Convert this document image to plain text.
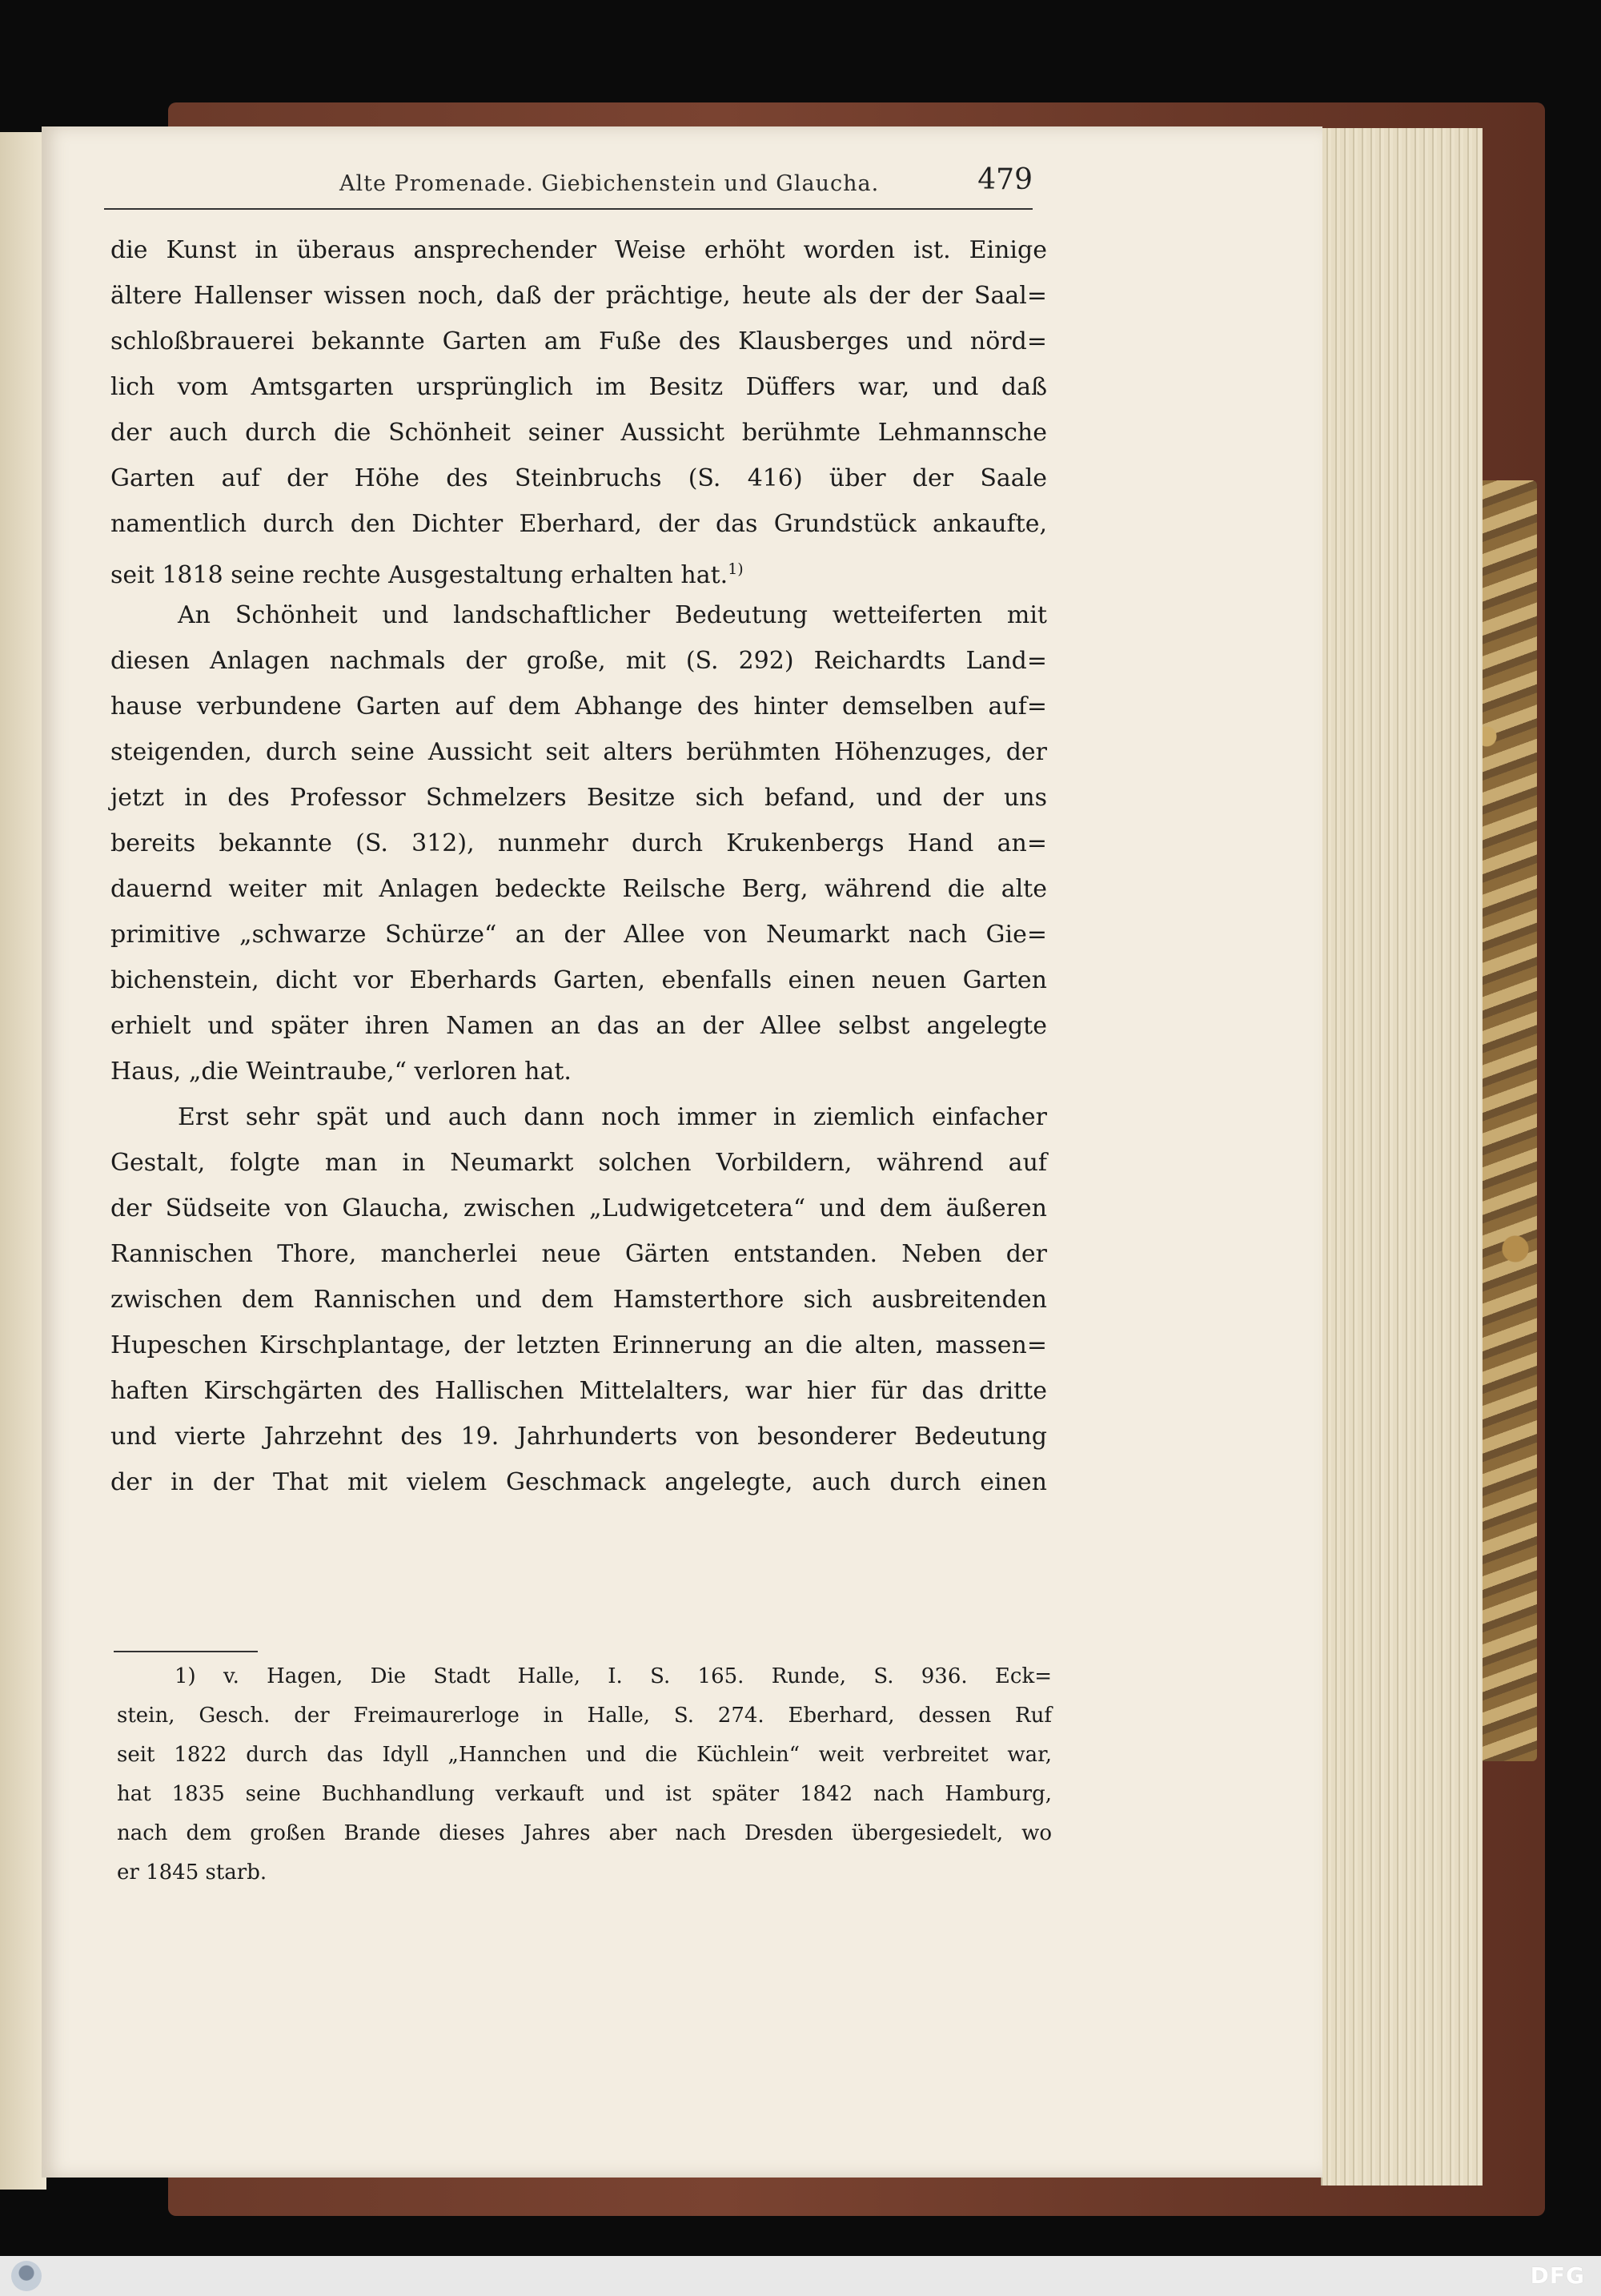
Alte Promenade. Giebichenstein und Glaucha.	479
die Kunst in überaus ansprechender Weise erhöht worden ist. Einige
ältere Hallenser wissen noch, daß der prächtige, heute als der der Saal=
schloßbrauerei bekannte Garten am Fuße des Klausberges und nörd=
lich vom Amtsgarten ursprünglich im Besitz Düffers war, und daß
der auch durch die Schönheit seiner Aussicht berühmte Lehmannsche
Garten auf der Höhe des Steinbruchs (S. 416) über der Saale
namentlich durch den Dichter Eberhard, der das Grundstück ankaufte,
seit 1818 seine rechte Ausgestaltung erhalten hat.$^{1)}$
An Schönheit und landschaftlicher Bedeutung wetteiferten mit
diesen Anlagen nachmals der große, mit (S. 292) Reichardts Land=
hause verbundene Garten auf dem Abhange des hinter demselben auf=
steigenden, durch seine Aussicht seit alters berühmten Höhenzuges, der
jetzt in des Professor Schmelzers Besitze sich befand, und der uns
bereits bekannte (S. 312), nunmehr durch Krukenbergs Hand an=
dauernd weiter mit Anlagen bedeckte Reilsche Berg, während die alte
primitive „schwarze Schürze“ an der Allee von Neumarkt nach Gie=
bichenstein, dicht vor Eberhards Garten, ebenfalls einen neuen Garten
erhielt und später ihren Namen an das an der Allee selbst angelegte
Haus, „die Weintraube,“ verloren hat.
Erst sehr spät und auch dann noch immer in ziemlich einfacher
Gestalt, folgte man in Neumarkt solchen Vorbildern, während auf
der Südseite von Glaucha, zwischen „Ludwigetcetera“ und dem äußeren
Rannischen Thore, mancherlei neue Gärten entstanden. Neben der
zwischen dem Rannischen und dem Hamsterthore sich ausbreitenden
Hupeschen Kirschplantage, der letzten Erinnerung an die alten, massen=
haften Kirschgärten des Hallischen Mittelalters, war hier für das dritte
und vierte Jahrzehnt des 19. Jahrhunderts von besonderer Bedeutung
der in der That mit vielem Geschmack angelegte, auch durch einen
1) v. Hagen, Die Stadt Halle, I. S. 165. Runde, S. 936. Eck=
stein, Gesch. der Freimaurerloge in Halle, S. 274. Eberhard, dessen Ruf
seit 1822 durch das Idyll „Hannchen und die Küchlein“ weit verbreitet war,
hat 1835 seine Buchhandlung verkauft und ist später 1842 nach Hamburg,
nach dem großen Brande dieses Jahres aber nach Dresden übergesiedelt, wo
er 1845 starb.
DFG
